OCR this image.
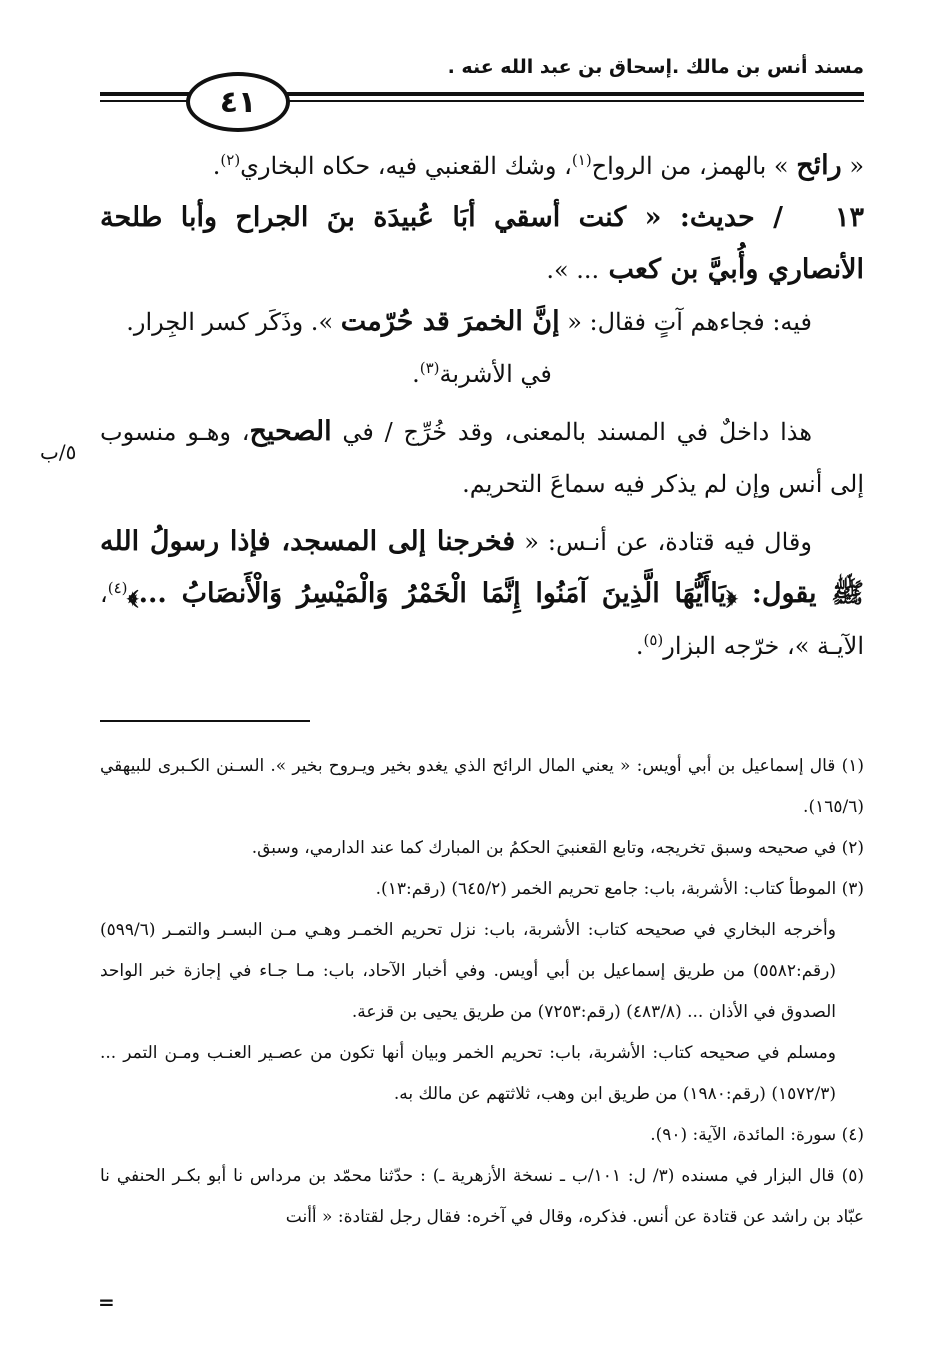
مسند أنس بن مالك .إسحاق بن عبد الله عنه .
٤١

« رائح » بالهمز، من الرواح$^{(١)}$، وشك القعنبي فيه، حكاه البخاري$^{(٢)}$.

١٣/ حديث: « كنت أسقي أبَا عُبيدَة بنَ الجراح وأبا طلحة الأنصاري وأُبيَّ بن كعب ... ».

فيه: فجاءهم آتٍ فقال: « إنَّ الخمرَ قد حُرّمت ». وذَكَر كسر الجِرار.

في الأشربة$^{(٣)}$.

هذا داخلٌ في المسند بالمعنى، وقد خُرِّج / في الصحيح، وهـو منسوب إلى أنس وإن لم يذكر فيه سماعَ التحريم.

وقال فيه قتادة، عن أنـس: « فخرجنا إلى المسجد، فإذا رسولُ الله ﷺ يقول: ﴿يَاأَيُّهَا الَّذِينَ آمَنُوا إِنَّمَا الْخَمْرُ وَالْمَيْسِرُ وَالْأَنصَابُ ...﴾$^{(٤)}$، الآيـة »، خرّجه البزار$^{(٥)}$.

٥/ب

(١) قال إسماعيل بن أبي أويس: « يعني المال الرائح الذي يغدو بخير ويـروح بخير ». السـنن الكـبرى للبيهقي (١٦٥/٦).

(٢) في صحيحه وسبق تخريجه، وتابع القعنبيَ الحكمُ بن المبارك كما عند الدارمي، وسبق.

(٣) الموطأ كتاب: الأشربة، باب: جامع تحريم الخمر (٦٤٥/٢) (رقم:١٣).

وأخرجه البخاري في صحيحه كتاب: الأشربة، باب: نزل تحريم الخمـر وهـي مـن البسـر والتمـر (٥٩٩/٦) (رقم:٥٥٨٢) من طريق إسماعيل بن أبي أويس. وفي أخبار الآحاد، باب: مـا جـاء في إجازة خبر الواحد الصدوق في الأذان ... (٤٨٣/٨) (رقم:٧٢٥٣) من طريق يحيى بن قزعة.

ومسلم في صحيحه كتاب: الأشربة، باب: تحريم الخمر وبيان أنها تكون من عصـير العنـب ومـن التمر ... (١٥٧٢/٣) (رقم:١٩٨٠) من طريق ابن وهب، ثلاثتهم عن مالك به.

(٤) سورة: المائدة، الآية: (٩٠).

(٥) قال البزار في مسنده (٣/ ل: ١٠١/ب ـ نسخة الأزهرية ـ) : حدّثنا محمّد بن مرداس نا أبو بكـر الحنفي نا عبّاد بن راشد عن قتادة عن أنس. فذكره، وقال في آخره: فقال رجل لقتادة: « أأنت

=
